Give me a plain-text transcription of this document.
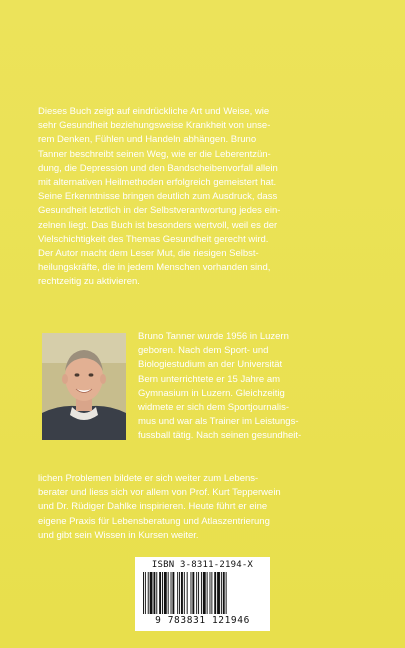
Dieses Buch zeigt auf eindrückliche Art und Weise, wie
sehr Gesundheit beziehungsweise Krankheit von unse-
rem Denken, Fühlen und Handeln abhängen. Bruno
Tanner beschreibt seinen Weg, wie er die Leberentzün-
dung, die Depression und den Bandscheibenvorfall allein
mit alternativen Heilmethoden erfolgreich gemeistert hat.
Seine Erkenntnisse bringen deutlich zum Ausdruck, dass
Gesundheit letztlich in der Selbstverantwortung jedes ein-
zelnen liegt. Das Buch ist besonders wertvoll, weil es der
Vielschichtigkeit des Themas Gesundheit gerecht wird.
Der Autor macht dem Leser Mut, die riesigen Selbst-
heilungskräfte, die in jedem Menschen vorhanden sind,
rechtzeitig zu aktivieren.

Bruno Tanner wurde 1956 in Luzern
geboren. Nach dem Sport- und
Biologiestudium an der Universität
Bern unterrichtete er 15 Jahre am
Gymnasium in Luzern. Gleichzeitig
widmete er sich dem Sportjournalis-
mus und war als Trainer im Leistungs-
fussball tätig. Nach seinen gesundheit-

lichen Problemen bildete er sich weiter zum Lebens-
berater und liess sich vor allem von Prof. Kurt Tepperwein
und Dr. Rüdiger Dahlke inspirieren. Heute führt er eine
eigene Praxis für Lebensberatung und Atlaszentrierung
und gibt sein Wissen in Kursen weiter.

ISBN 3-8311-2194-X
9 783831 121946
